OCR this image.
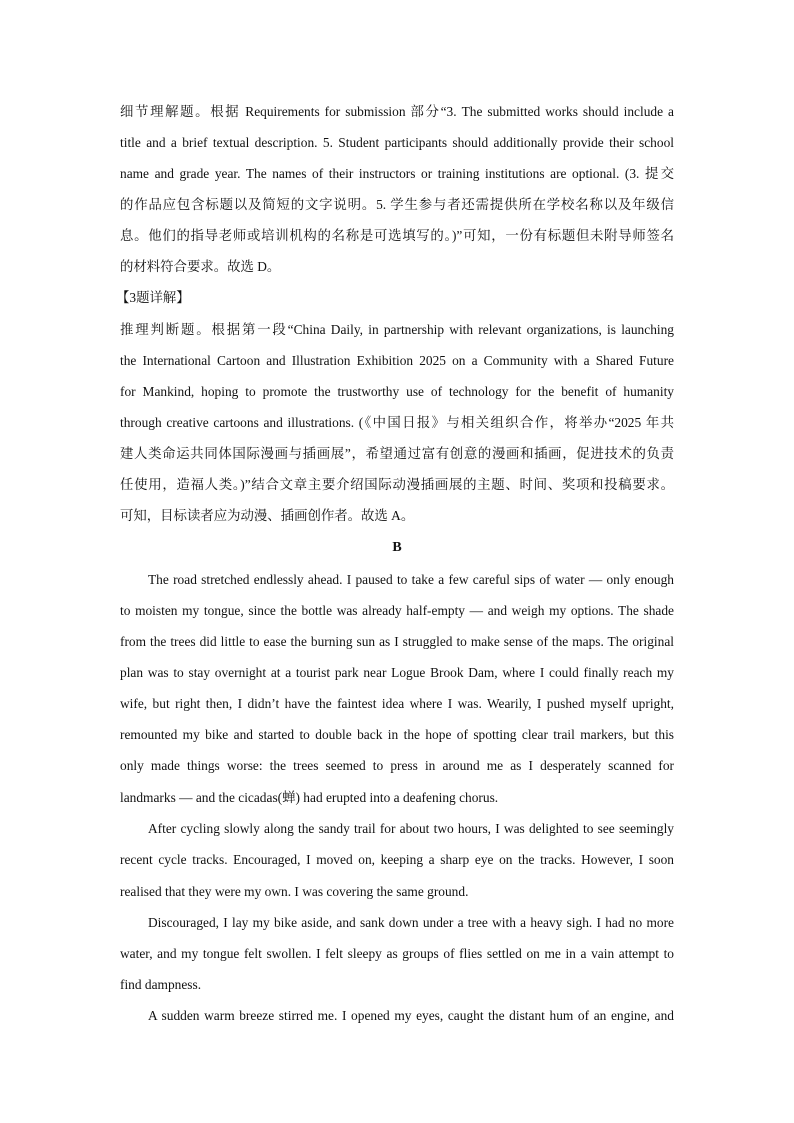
细节理解题。根据 Requirements for submission 部分“3. The submitted works should include a
title and a brief textual description. 5. Student participants should additionally provide their school
name and grade year. The names of their instructors or training institutions are optional. (3. 提交
的作品应包含标题以及简短的文字说明。5. 学生参与者还需提供所在学校名称以及年级信
息。他们的指导老师或培训机构的名称是可选填写的。)”可知，一份有标题但未附导师签名
的材料符合要求。故选 D。
【3题详解】
推理判断题。根据第一段“China Daily, in partnership with relevant organizations, is launching
the International Cartoon and Illustration Exhibition 2025 on a Community with a Shared Future
for Mankind, hoping to promote the trustworthy use of technology for the benefit of humanity
through creative cartoons and illustrations. (《中国日报》与相关组织合作，将举办“2025 年共
建人类命运共同体国际漫画与插画展”，希望通过富有创意的漫画和插画，促进技术的负责
任使用，造福人类。)”结合文章主要介绍国际动漫插画展的主题、时间、奖项和投稿要求。
可知，目标读者应为动漫、插画创作者。故选 A。
B
The road stretched endlessly ahead. I paused to take a few careful sips of water — only enough
to moisten my tongue, since the bottle was already half-empty — and weigh my options. The shade
from the trees did little to ease the burning sun as I struggled to make sense of the maps. The original
plan was to stay overnight at a tourist park near Logue Brook Dam, where I could finally reach my
wife, but right then, I didn’t have the faintest idea where I was. Wearily, I pushed myself upright,
remounted my bike and started to double back in the hope of spotting clear trail markers, but this
only made things worse: the trees seemed to press in around me as I desperately scanned for
landmarks — and the cicadas(蝉) had erupted into a deafening chorus.
After cycling slowly along the sandy trail for about two hours, I was delighted to see seemingly
recent cycle tracks. Encouraged, I moved on, keeping a sharp eye on the tracks. However, I soon
realised that they were my own. I was covering the same ground.
Discouraged, I lay my bike aside, and sank down under a tree with a heavy sigh. I had no more
water, and my tongue felt swollen. I felt sleepy as groups of flies settled on me in a vain attempt to
find dampness.
A sudden warm breeze stirred me. I opened my eyes, caught the distant hum of an engine, and
